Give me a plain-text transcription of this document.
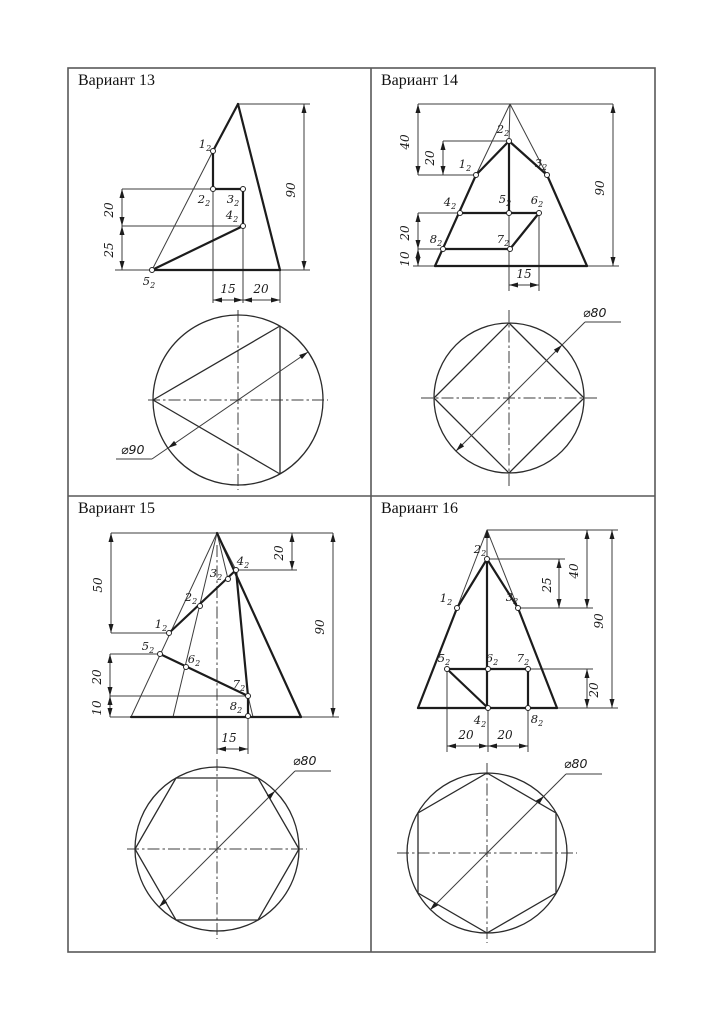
Вариант 13	Вариант 14
Вариант 15	Вариант 16
20
25
90
15 20
$1_2$
$2_2$ $3_2$
$4_2$
$5_2$
⌀90
40
20
20
10
90
15
$1_2$
$2_2$
$3_2$
$4_2$
$5_2$ $6_2$
$7_2$
$8_2$
⌀80
50
20
90
20
10
15
$1_2$
$2_2$
$3_2$
$4_2$
$5_2$
$6_2$
$7_2$
$8_2$
⌀80
25
40
90
20
20 20
$1_2$
$2_2$
$3_2$
$4_2$
$5_2$	$6_2$ $7_2$
$8_2$
⌀80
